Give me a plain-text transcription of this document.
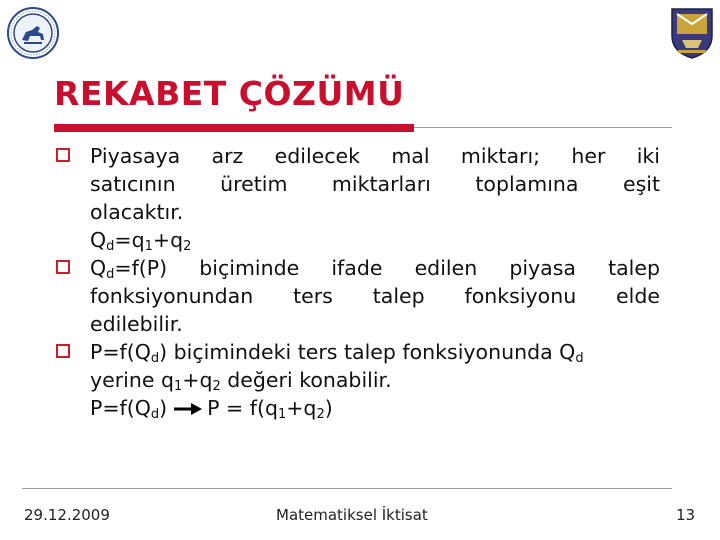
REKABET ÇÖZÜMÜ
Piyasaya arz edilecek mal miktarı; her iki
satıcının üretim miktarları toplamına eşit
olacaktır.
$Q_d=q_1+q_2$
$Q_d=f(P)$ biçiminde ifade edilen piyasa talep
fonksiyonundan ters talep fonksiyonu elde
edilebilir.
$P=f(Q_d)$ biçimindeki ters talep fonksiyonunda $Q_d$
yerine $q_1+q_2$ değeri konabilir.
$P=f(Q_d) P = f(q_1+q_2)$
29.12.2009	Matematiksel İktisat	13
